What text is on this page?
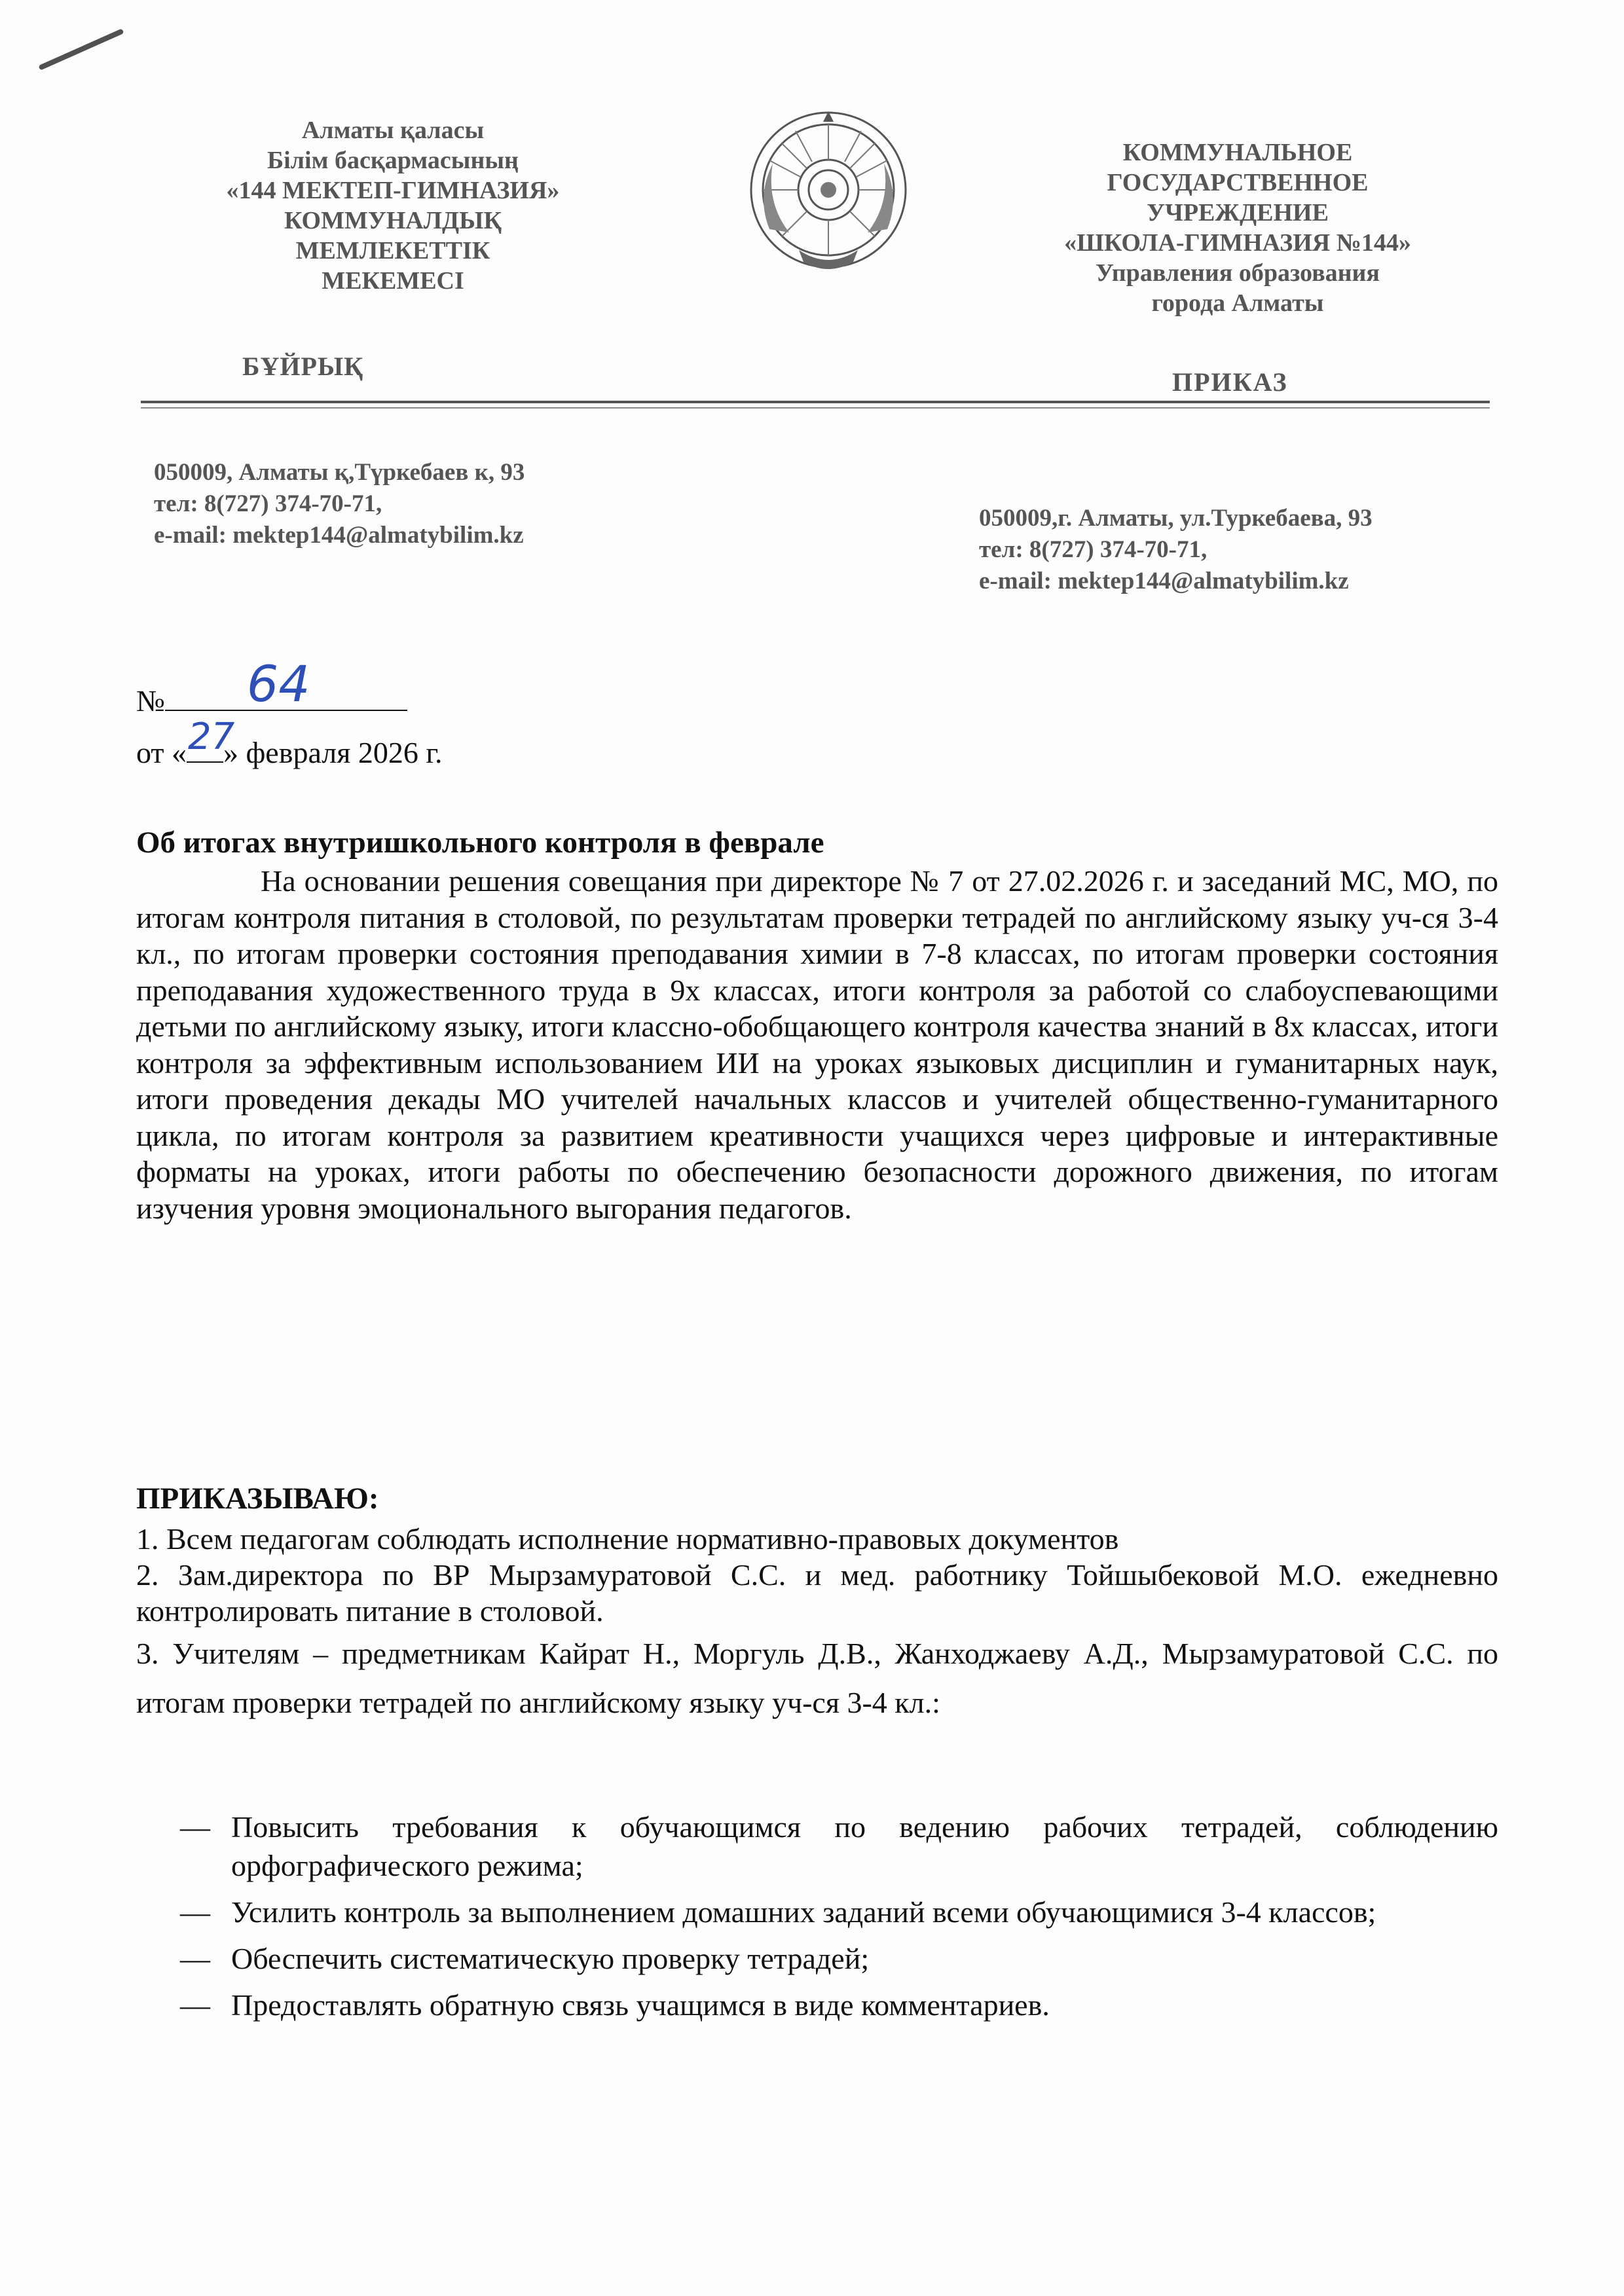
Алматы қаласы
Білім басқармасының
«144 МЕКТЕП-ГИМНАЗИЯ»
КОММУНАЛДЫҚ
МЕМЛЕКЕТТІК
МЕКЕМЕСІ
БҰЙРЫҚ
КОММУНАЛЬНОЕ
ГОСУДАРСТВЕННОЕ
УЧРЕЖДЕНИЕ
«ШКОЛА-ГИМНАЗИЯ №144»
Управления образования
города Алматы
ПРИКАЗ
050009, Алматы қ,Түркебаев к, 93
тел: 8(727) 374-70-71,
e-mail: mektep144@almatybilim.kz
050009,г. Алматы, ул.Туркебаева, 93
тел: 8(727) 374-70-71,
e-mail: mektep144@almatybilim.kz
№ 64
от « 27
» февраля 2026 г.
Об итогах внутришкольного контроля в феврале
На основании решения совещания при директоре № 7 от 27.02.2026 г. и заседаний МС, МО, по итогам контроля питания в столовой, по результатам проверки тетрадей по английскому языку уч-ся 3-4 кл., по итогам проверки состояния преподавания химии в 7-8 классах, по итогам проверки состояния преподавания художественного труда в 9х классах, итоги контроля за работой со слабоуспевающими детьми по английскому языку, итоги классно-обобщающего контроля качества знаний в 8х классах, итоги контроля за эффективным использованием ИИ на уроках языковых дисциплин и гуманитарных наук, итоги проведения декады МО учителей начальных классов и учителей общественно-гуманитарного цикла, по итогам контроля за развитием креативности учащихся через цифровые и интерактивные форматы на уроках, итоги работы по обеспечению безопасности дорожного движения, по итогам изучения уровня эмоционального выгорания педагогов.
ПРИКАЗЫВАЮ:
1. Всем педагогам соблюдать исполнение нормативно-правовых документов
2. Зам.директора по ВР Мырзамуратовой С.С. и мед. работнику Тойшыбековой М.О. ежедневно контролировать питание в столовой.
3. Учителям – предметникам Кайрат Н., Моргуль Д.В., Жанходжаеву А.Д., Мырзамуратовой С.С. по итогам проверки тетрадей по английскому языку уч-ся 3-4 кл.:
— Повысить требования к обучающимся по ведению рабочих тетрадей, соблюдению орфографического режима;
— Усилить контроль за выполнением домашних заданий всеми обучающимися 3-4 классов;
— Обеспечить систематическую проверку тетрадей;
— Предоставлять обратную связь учащимся в виде комментариев.
